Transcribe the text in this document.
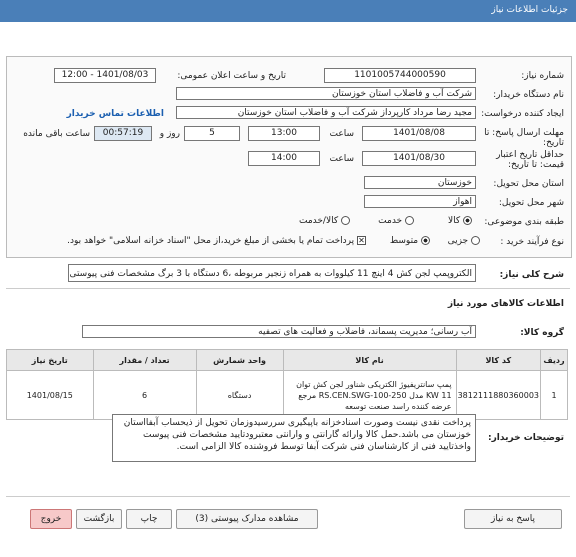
جزئیات اطلاعات نیاز
شماره نیاز:
1101005744000590
تاریخ و ساعت اعلان عمومی:
1401/08/03 - 12:00
نام دستگاه خریدار:
شرکت آب و فاضلاب استان خوزستان
ایجاد کننده درخواست:
مجید رضا مرداد کارپرداز شرکت آب و فاضلاب استان خوزستان
اطلاعات تماس خریدار
مهلت ارسال پاسخ: تا تاریخ:
1401/08/08
ساعت
13:00
5
روز و
00:57:19
ساعت باقی مانده
حداقل تاریخ اعتبار قیمت: تا تاریخ:
1401/08/30
ساعت
14:00
استان محل تحویل:
خوزستان
شهر محل تحویل:
اهواز
طبقه بندی موضوعی:
کالا
خدمت
کالا/خدمت
نوع فرآیند خرید :
جزیی
متوسط
✕ پرداخت تمام یا بخشی از مبلغ خرید،از محل "اسناد خزانه اسلامی" خواهد بود.
شرح کلی نیاز:
الکتروپمپ لجن کش 4 اینچ 11 کیلووات به همراه زنجیر مربوطه ،6 دستگاه با 3 برگ مشخصات فنی پیوستی
اطلاعات کالاهای مورد نیاز
گروه کالا:
آب رسانی؛ مدیریت پسماند، فاضلاب و فعالیت های تصفیه
ردیف	کد کالا	نام کالا	واحد شمارش	تعداد / مقدار	تاریخ نیاز
1	3812111880360003	پمپ سانتریفیوژ الکتریکی شناور لجن کش توان KW 11 مدل RS.CEN.SWG-100-250 مرجع عرضه کننده راسد صنعت توسعه	دستگاه	6	1401/08/15
توضیحات خریدار:
پرداخت نقدی نیست وصورت اسنادخزانه باپیگیری سررسیدوزمان تحویل از ذیحساب آبفااستان خوزستان می باشد.حمل کالا وارائه گارانتی و وارانتی معتبرودتایید مشخصات فنی پیوست واخذتایید فنی از کارشناسان فنی شرکت آبفا توسط فروشنده کالا الزامی است.
پاسخ به نیاز
مشاهده مدارک پیوستی (3)
چاپ
بازگشت
خروج
